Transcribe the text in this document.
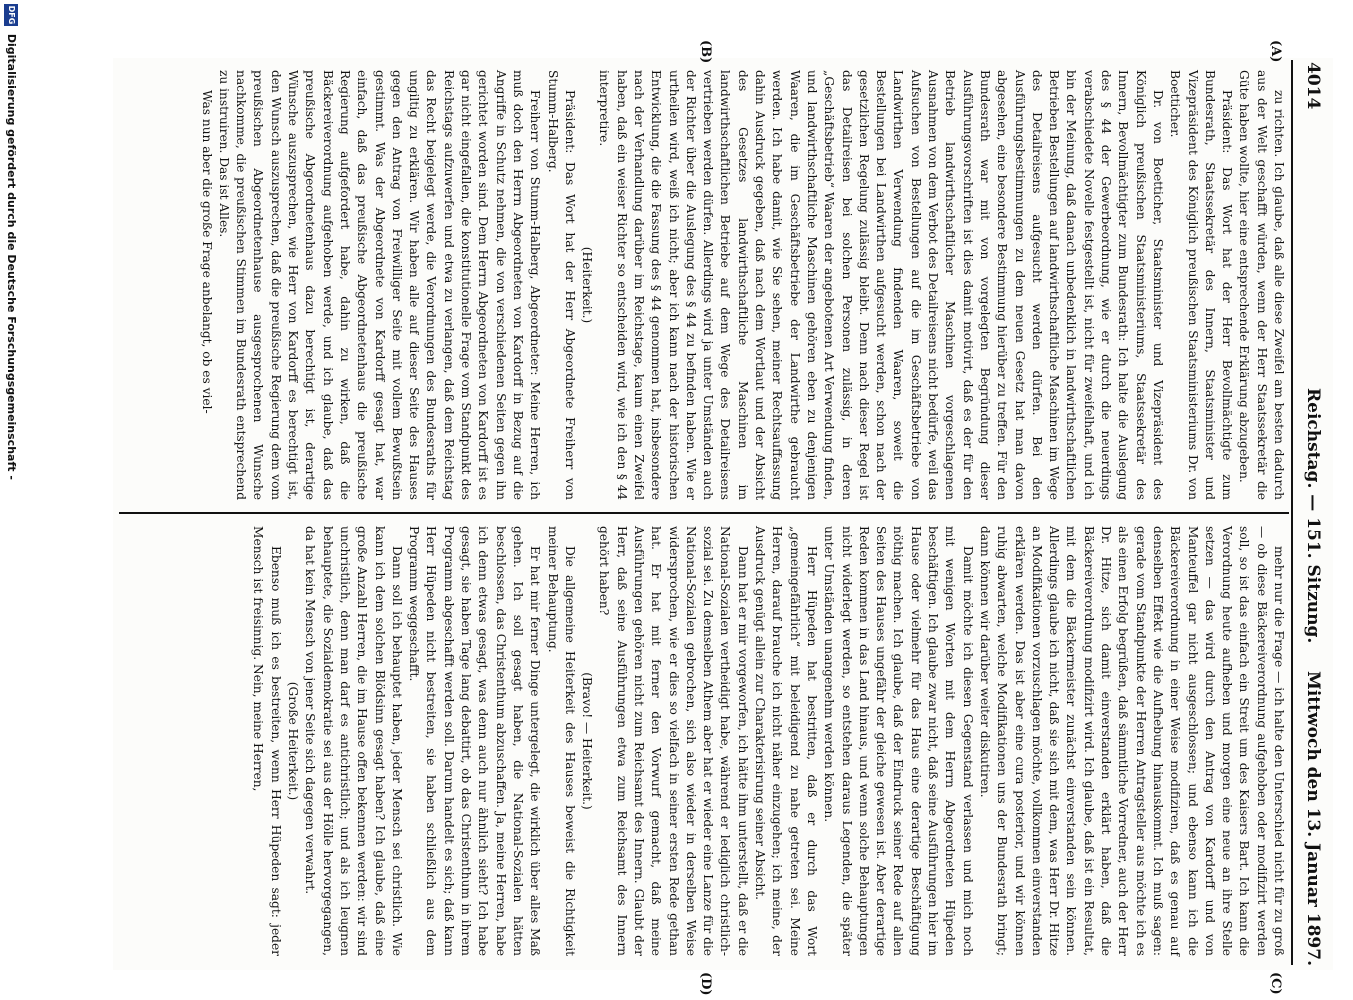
4014
Reichstag. — 151. Sitzung.
Mittwoch den 13. Januar 1897.
(A)
(B)
(C)
(D)

zu richten. Ich glaube, daß alle diese Zweifel am besten dadurch aus der Welt geschafft würden, wenn der Herr Staatssekretär die Güte haben wollte, hier eine entsprechende Erklärung abzugeben.

Präsident: Das Wort hat der Herr Bevollmächtigte zum Bundesrath, Staatssekretär des Innern, Staatsminister und Vizepräsident des Königlich preußischen Staatsministeriums Dr. von Boetticher.

Dr. von Boetticher, Staatsminister und Vizepräsident des Königlich preußischen Staatsministeriums, Staatssekretär des Innern, Bevollmächtigter zum Bundesrath: Ich halte die Auslegung des § 44 der Gewerbeordnung, wie er durch die neuerdings verabschiedete Novelle festgestellt ist, nicht für zweifelhaft, und ich bin der Meinung, daß danach unbedenklich in landwirthschaftlichen Betrieben Bestellungen auf landwirthschaftliche Maschinen im Wege des Detailreisens aufgesucht werden dürfen. Bei den Ausführungsbestimmungen zu dem neuen Gesetz hat man davon abgesehen, eine besondere Bestimmung hierüber zu treffen. Für den Bundesrath war mit von vorgelegten Begründung dieser Ausführungsvorschriften ist dies damit motivirt, daß es der für den Betrieb landwirthschaftlicher Maschinen vorgeschlagenen Ausnahmen von dem Verbot des Detailreisens nicht bedürfe, weil das Aufsuchen von Bestellungen auf die im Geschäftsbetriebe von Landwirthen Verwendung findenden Waaren, soweit die Bestellungen bei Landwirthen aufgesucht werden, schon nach der gesetzlichen Regelung zulässig bleibt. Denn nach dieser Regel ist das Detailreisen bei solchen Personen zulässig, in deren „Geschäftsbetrieb“ Waaren der angebotenen Art Verwendung finden, und landwirthschaftliche Maschinen gehören eben zu denjenigen Waaren, die im Geschäftsbetriebe der Landwirthe gebraucht werden. Ich habe damit, wie Sie sehen, meiner Rechtsauffassung dahin Ausdruck gegeben, daß nach dem Wortlaut und der Absicht des Gesetzes landwirthschaftliche Maschinen im landwirthschaftlichen Betriebe auf dem Wege des Detailreisens vertrieben werden dürfen. Allerdings wird ja unter Umständen auch der Richter über die Auslegung des § 44 zu befinden haben. Wie er urtheilen wird, weiß ich nicht; aber ich kann nach der historischen Entwicklung, die die Fassung des § 44 genommen hat, insbesondere nach der Verhandlung darüber im Reichstage, kaum einen Zweifel haben, daß ein weiser Richter so entscheiden wird, wie ich den § 44 interpretire.

(Heiterkeit.)

Präsident: Das Wort hat der Herr Abgeordnete Freiherr von Stumm-Halberg.

Freiherr von Stumm-Halberg, Abgeordneter: Meine Herren, ich muß doch den Herrn Abgeordneten von Kardorff in Bezug auf die Angriffe in Schutz nehmen, die von verschiedenen Seiten gegen ihn gerichtet worden sind. Dem Herrn Abgeordneten von Kardorff ist es gar nicht eingefallen, die konstitutionelle Frage vom Standpunkt des Reichstags aufzuwerfen und etwa zu verlangen, daß dem Reichstag das Recht beigelegt werde, die Verordnungen des Bundesraths für ungiltig zu erklären. Wir haben alle auf dieser Seite des Hauses gegen den Antrag von Freiwilliger Seite mit vollem Bewußtsein gestimmt. Was der Abgeordnete von Kardorff gesagt hat, war einfach, daß das preußische Abgeordnetenhaus die preußische Regierung aufgefordert habe, dahin zu wirken, daß die Bäckereiverordnung aufgehoben werde, und ich glaube, daß das preußische Abgeordnetenhaus dazu berechtigt ist, derartige Wünsche auszusprechen, wie Herr von Kardorff es berechtigt ist, den Wunsch auszusprechen, daß die preußische Regierung dem vom preußischen Abgeordnetenhause ausgesprochenen Wunsche nachkomme, die preußischen Stimmen im Bundesrath entsprechend zu instruiren. Das ist Alles.

Was nun aber die große Frage anbelangt, ob es viel-

mehr nur die Frage — ich halte den Unterschied nicht für zu groß — ob diese Bäckereiverordnung aufgehoben oder modifizirt werden soll, so ist das einfach ein Streit um des Kaisers Bart. Ich kann die Verordnung heute aufheben und morgen eine neue an ihre Stelle setzen — das wird durch den Antrag von Kardorff und von Manteuffel gar nicht ausgeschlossen; und ebenso kann ich die Bäckereiverordnung in einer Weise modifiziren, daß es genau auf denselben Effekt wie die Aufhebung hinauskommt. Ich muß sagen: gerade vom Standpunkte der Herren Antragsteller aus möchte ich es als einen Erfolg begrüßen, daß sämmtliche Vorredner, auch der Herr Dr. Hitze, sich damit einverstanden erklärt haben, daß die Bäckereiverordnung modifizirt wird. Ich glaube, daß ist ein Resultat, mit dem die Bäckermeister zunächst einverstanden sein können. Allerdings glaube ich nicht, daß sie sich mit dem, was Herr Dr. Hitze an Modifikationen vorzuschlagen möchte, vollkommen einverstanden erklären werden. Das ist aber eine cura posterior, und wir können ruhig abwarten, welche Modifikationen uns der Bundesrath bringt; dann können wir darüber weiter diskutiren.

Damit möchte ich diesen Gegenstand verlassen und mich noch mit wenigen Worten mit dem Herrn Abgeordneten Hüpeden beschäftigen. Ich glaube zwar nicht, daß seine Ausführungen hier im Hause oder vielmehr für das Haus eine derartige Beschäftigung nöthig machen. Ich glaube, daß der Eindruck seiner Rede auf allen Seiten des Hauses ungefähr der gleiche gewesen ist. Aber derartige Reden kommen in das Land hinaus, und wenn solche Behauptungen nicht widerlegt werden, so entstehen daraus Legenden, die später unter Umständen unangenehm werden können.

Herr Hüpeden hat bestritten, daß er durch das Wort „gemeingefährlich“ mit beleidigend zu nahe getreten sei. Meine Herren, darauf brauche ich nicht näher einzugehen; ich meine, der Ausdruck genügt allein zur Charakterisirung seiner Absicht.

Dann hat er mir vorgeworfen, ich hätte ihm unterstellt, daß er die National-Sozialen vertheidigt habe, während er lediglich christlich-sozial sei. Zu demselben Athem aber hat er wieder eine Lanze für die National-Sozialen gebrochen, sich also wieder in derselben Weise widersprochen, wie er dies so vielfach in seiner ersten Rede gethan hat. Er hat mit ferner den Vorwurf gemacht, daß meine Ausführungen gehören nicht zum Reichsamt des Innern. Glaubt der Herr, daß seine Ausführungen etwa zum Reichsamt des Innern gehört haben?

(Bravo! — Heiterkeit.)

Die allgemeine Heiterkeit des Hauses beweist die Richtigkeit meiner Behauptung.

Er hat mir ferner Dinge untergelegt, die wirklich über alles Maß gehen. Ich soll gesagt haben, die National-Sozialen hätten beschlossen, das Christenthum abzuschaffen. Ja, meine Herren, habe ich denn etwas gesagt, was denn auch nur ähnlich sieht? Ich habe gesagt, sie haben Tage lang debattirt, ob das Christenthum in ihrem Programm abgeschafft werden soll. Darum handelt es sich; daß kann Herr Hüpeden nicht bestreiten, sie haben schließlich aus dem Programm weggeschafft.

Dann soll ich behauptet haben, jeder Mensch sei christlich. Wie kann ich dem solchen Blödsinn gesagt haben? Ich glaube, daß eine große Anzahl Herren, die im Hause offen bekennen werden: wir sind unchristlich, denn man darf es antichristlich; und als ich leugnen behauptete, die Sozialdemokratie sei aus der Hölle hervorgegangen, da hat kein Mensch von jener Seite sich dagegen verwahrt.

(Große Heiterkeit.)

Ebenso muß ich es bestreiten, wenn Herr Hüpeden sagt: jeder Mensch ist freisinnig. Nein, meine Herren,

DFG Digitalisierung gefördert durch die Deutsche Forschungsgemeinschaft -
